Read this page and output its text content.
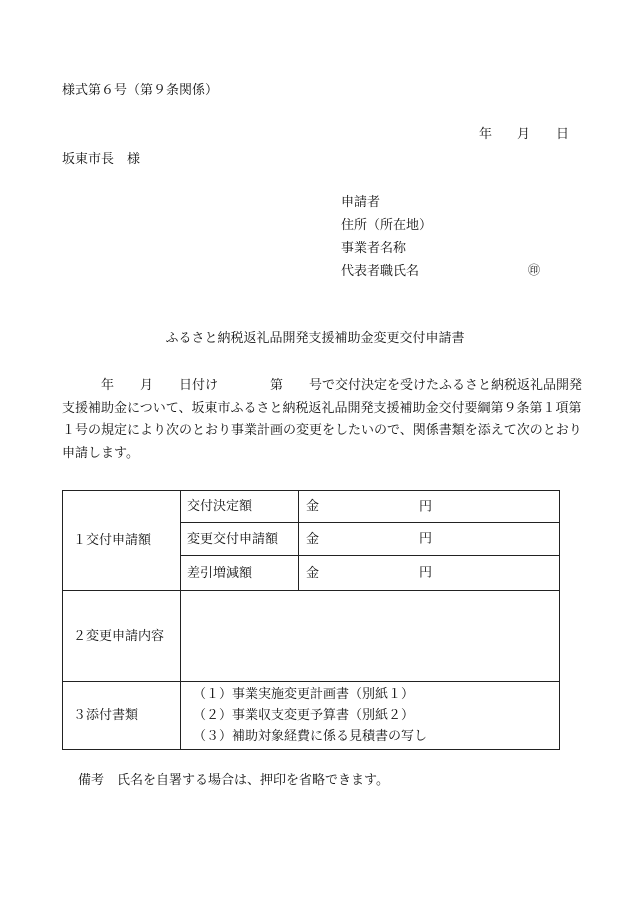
様式第６号（第９条関係）
年 月 日
坂東市長　様
申請者
住所（所在地）
事業者名称
代表者職氏名	㊞
ふるさと納税返礼品開発支援補助金変更交付申請書
　　　年　　月　　日付け　　　　第　　号で交付決定を受けたふるさと納税返礼品開発
支援補助金について、坂東市ふるさと納税返礼品開発支援補助金交付要綱第９条第１項第
１号の規定により次のとおり事業計画の変更をしたいので、関係書類を添えて次のとおり
申請します。
１交付申請額	交付決定額	金 円

	変更交付申請額	金 円

	差引増減額	金 円

２変更申請内容		
３添付書類	（１）事業実施変更計画書（別紙１）
（２）事業収支変更予算書（別紙２）
（３）補助対象経費に係る見積書の写し	
備考　氏名を自署する場合は、押印を省略できます。
